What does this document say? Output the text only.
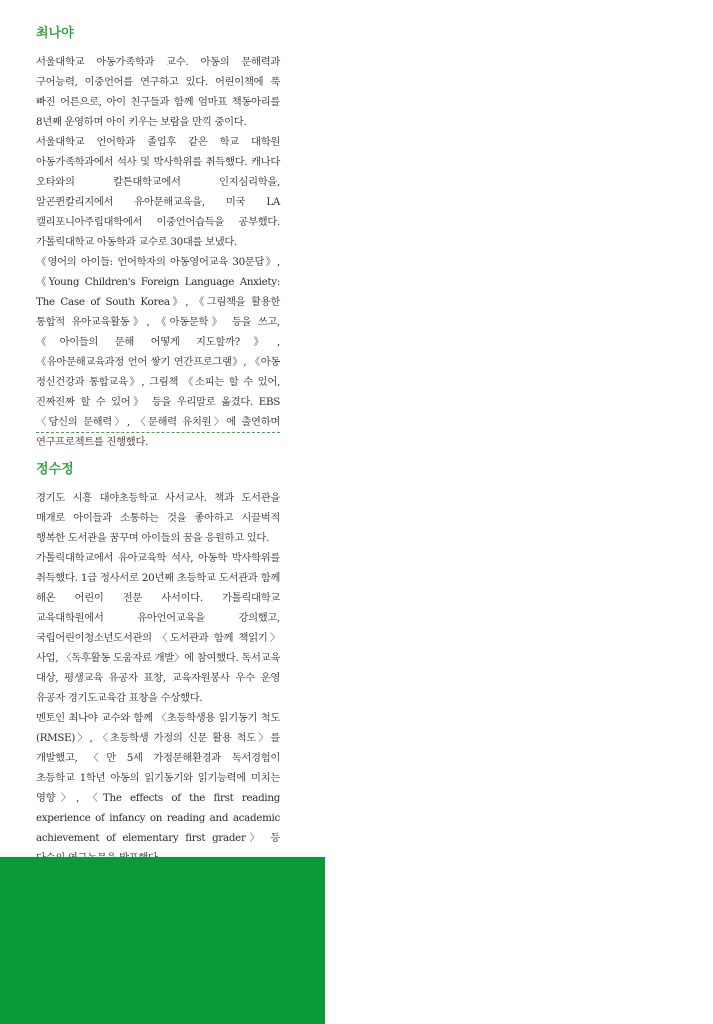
최나야

서울대학교 아동가족학과 교수. 아동의 문해력과 구어능력, 이중언어를 연구하고 있다. 어린이책에 푹 빠진 어른으로, 아이 친구들과 함께 엄마표 책동아리를 8년째 운영하며 아이 키우는 보람을 만끽 중이다.

서울대학교 언어학과 졸업후 같은 학교 대학원 아동가족학과에서 석사 및 박사학위를 취득했다. 캐나다 오타와의 칼튼대학교에서 인지심리학을, 알곤퀸칼리지에서 유아문해교육을, 미국 LA 캘리포니아주립대학에서 이중언어습득을 공부했다. 가톨릭대학교 아동학과 교수로 30대를 보냈다.

《영어의 아이들: 언어학자의 아동영어교육 30문답》, 《Young Children's Foreign Language Anxiety: The Case of South Korea》, 《그림책을 활용한 통합적 유아교육활동》, 《아동문학》 등을 쓰고, 《아이들의 문해 어떻게 지도할까?》, 《유아문해교육과정 언어 쌓기 연간프로그램》, 《아동 정신건강과 통합교육》, 그림책 《소피는 할 수 있어, 진짜진짜 할 수 있어》 등을 우리말로 옮겼다. EBS 〈당신의 문해력〉, 〈문해력 유치원〉에 출연하며 연구프로젝트를 진행했다.

정수정

경기도 시흥 대야초등학교 사서교사. 책과 도서관을 매개로 아이들과 소통하는 것을 좋아하고 시끌벅적 행복한 도서관을 꿈꾸며 아이들의 꿈을 응원하고 있다.

가톨릭대학교에서 유아교육학 석사, 아동학 박사학위를 취득했다. 1급 정사서로 20년째 초등학교 도서관과 함께 해온 어린이 전문 사서이다. 가톨릭대학교 교육대학원에서 유아언어교육을 강의했고, 국립어린이청소년도서관의 〈도서관과 함께 책읽기〉 사업, 〈독후활동 도움자료 개발〉에 참여했다. 독서교육 대상, 평생교육 유공자 표창, 교육자원봉사 우수 운영 유공자 경기도교육감 표창을 수상했다.

멘토인 최나야 교수와 함께 〈초등학생용 읽기동기 척도(RMSE)〉, 〈초등학생 가정의 신문 활용 척도〉를 개발했고, 〈만 5세 가정문해환경과 독서경험이 초등학교 1학년 아동의 읽기동기와 읽기능력에 미치는 영향〉, 〈The effects of the first reading experience of infancy on reading and academic achievement of elementary first grader〉 등
